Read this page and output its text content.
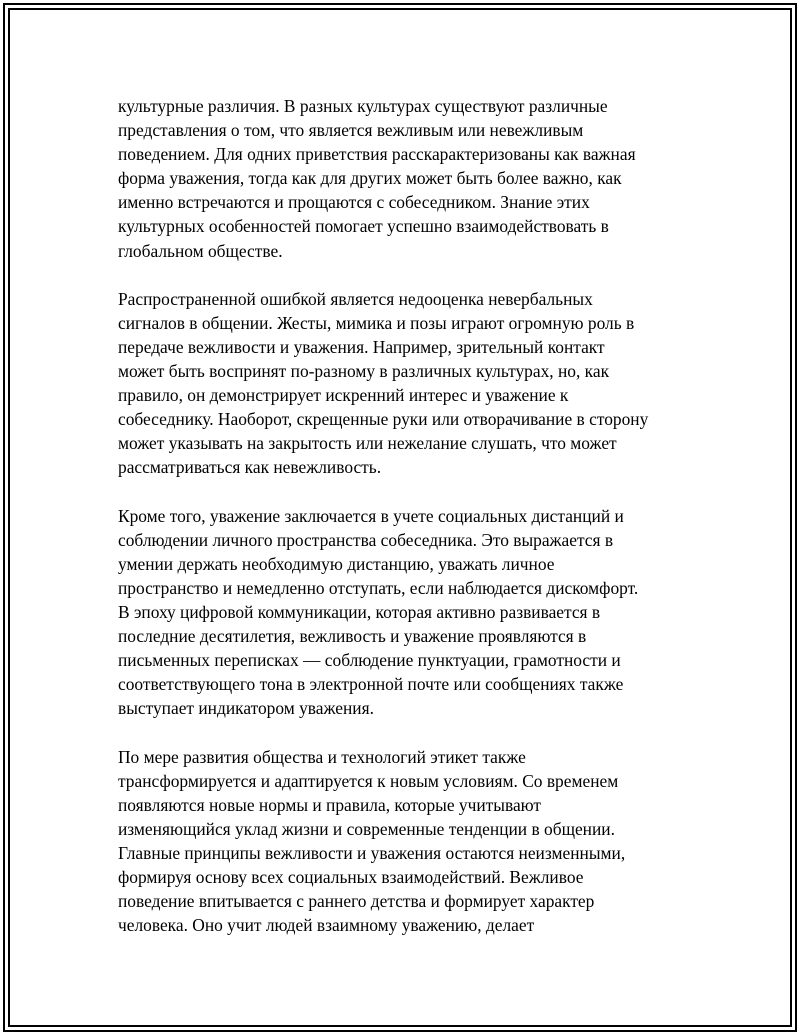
культурные различия. В разных культурах существуют различные
представления о том, что является вежливым или невежливым
поведением. Для одних приветствия расскарактеризованы как важная
форма уважения, тогда как для других может быть более важно, как
именно встречаются и прощаются с собеседником. Знание этих
культурных особенностей помогает успешно взаимодействовать в
глобальном обществе.
Распространенной ошибкой является недооценка невербальных
сигналов в общении. Жесты, мимика и позы играют огромную роль в
передаче вежливости и уважения. Например, зрительный контакт
может быть воспринят по-разному в различных культурах, но, как
правило, он демонстрирует искренний интерес и уважение к
собеседнику. Наоборот, скрещенные руки или отворачивание в сторону
может указывать на закрытость или нежелание слушать, что может
рассматриваться как невежливость.
Кроме того, уважение заключается в учете социальных дистанций и
соблюдении личного пространства собеседника. Это выражается в
умении держать необходимую дистанцию, уважать личное
пространство и немедленно отступать, если наблюдается дискомфорт.
В эпоху цифровой коммуникации, которая активно развивается в
последние десятилетия, вежливость и уважение проявляются в
письменных переписках — соблюдение пунктуации, грамотности и
соответствующего тона в электронной почте или сообщениях также
выступает индикатором уважения.
По мере развития общества и технологий этикет также
трансформируется и адаптируется к новым условиям. Со временем
появляются новые нормы и правила, которые учитывают
изменяющийся уклад жизни и современные тенденции в общении.
Главные принципы вежливости и уважения остаются неизменными,
формируя основу всех социальных взаимодействий. Вежливое
поведение впитывается с раннего детства и формирует характер
человека. Оно учит людей взаимному уважению, делает
